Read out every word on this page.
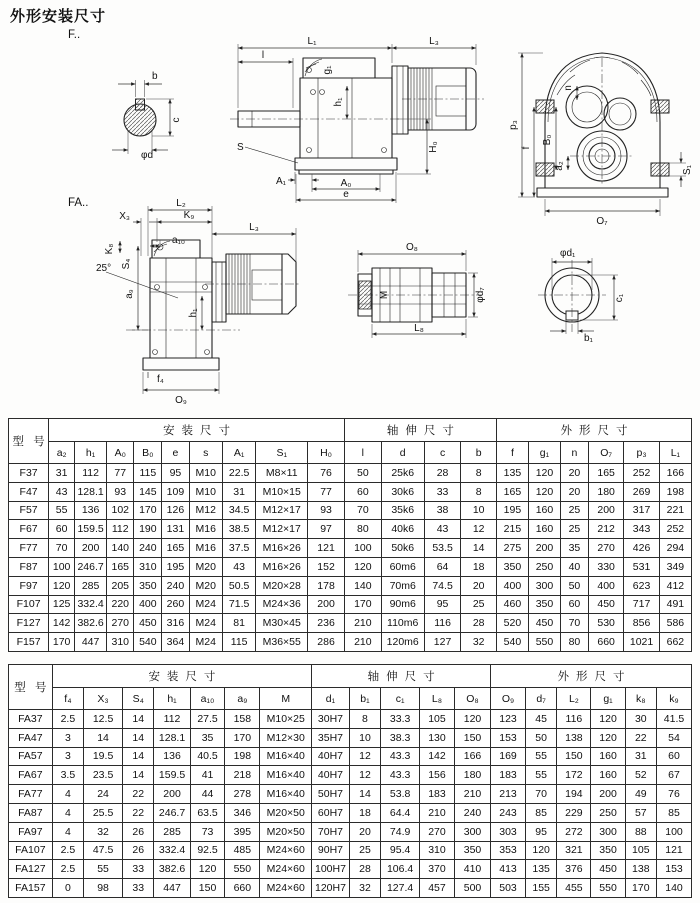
外形安装尺寸
F..
FA..
b
c
φd
L₁	L₃
l
g₁
h₁
H₀
A₁	A₀
e
S
p₃
f
B₀
a₂
n
S₁
O₇
L₂
K₉
X₃
L₃
a₁₀
K₈
S₄
25°
a₉
h₁
f₄
O₉
M
O₈
L₈
φd₇
φd₁
c₁
b₁
型 号	安装尺寸									轴伸尺寸				外形尺寸					
	a₂	h₁	A₀	B₀	e	s	A₁	S₁	H₀	l	d	c	b	f	g₁	n	O₇	p₃	L₁
F37	31	112	77	115	95	M10	22.5	M8×11	76	50	25k6	28	8	135	120	20	165	252	166
F47	43	128.1	93	145	109	M10	31	M10×15	77	60	30k6	33	8	165	120	20	180	269	198
F57	55	136	102	170	126	M12	34.5	M12×17	93	70	35k6	38	10	195	160	25	200	317	221
F67	60	159.5	112	190	131	M16	38.5	M12×17	97	80	40k6	43	12	215	160	25	212	343	252
F77	70	200	140	240	165	M16	37.5	M16×26	121	100	50k6	53.5	14	275	200	35	270	426	294
F87	100	246.7	165	310	195	M20	43	M16×26	152	120	60m6	64	18	350	250	40	330	531	349
F97	120	285	205	350	240	M20	50.5	M20×28	178	140	70m6	74.5	20	400	300	50	400	623	412
F107	125	332.4	220	400	260	M24	71.5	M24×36	200	170	90m6	95	25	460	350	60	450	717	491
F127	142	382.6	270	450	316	M24	81	M30×45	236	210	110m6	116	28	520	450	70	530	856	586
F157	170	447	310	540	364	M24	115	M36×55	286	210	120m6	127	32	540	550	80	660	1021	662
型 号	安装尺寸							轴伸尺寸					外形尺寸					
	f₄	X₃	S₄	h₁	a₁₀	a₉	M	d₁	b₁	c₁	L₈	O₈	O₉	d₇	L₂	g₁	k₈	k₉
FA37	2.5	12.5	14	112	27.5	158	M10×25	30H7	8	33.3	105	120	123	45	116	120	30	41.5
FA47	3	14	14	128.1	35	170	M12×30	35H7	10	38.3	130	150	153	50	138	120	22	54
FA57	3	19.5	14	136	40.5	198	M16×40	40H7	12	43.3	142	166	169	55	150	160	31	60
FA67	3.5	23.5	14	159.5	41	218	M16×40	40H7	12	43.3	156	180	183	55	172	160	52	67
FA77	4	24	22	200	44	278	M16×40	50H7	14	53.8	183	210	213	70	194	200	49	76
FA87	4	25.5	22	246.7	63.5	346	M20×50	60H7	18	64.4	210	240	243	85	229	250	57	85
FA97	4	32	26	285	73	395	M20×50	70H7	20	74.9	270	300	303	95	272	300	88	100
FA107	2.5	47.5	26	332.4	92.5	485	M24×60	90H7	25	95.4	310	350	353	120	321	350	105	121
FA127	2.5	55	33	382.6	120	550	M24×60	100H7	28	106.4	370	410	413	135	376	450	138	153
FA157	0	98	33	447	150	660	M24×60	120H7	32	127.4	457	500	503	155	455	550	170	140
